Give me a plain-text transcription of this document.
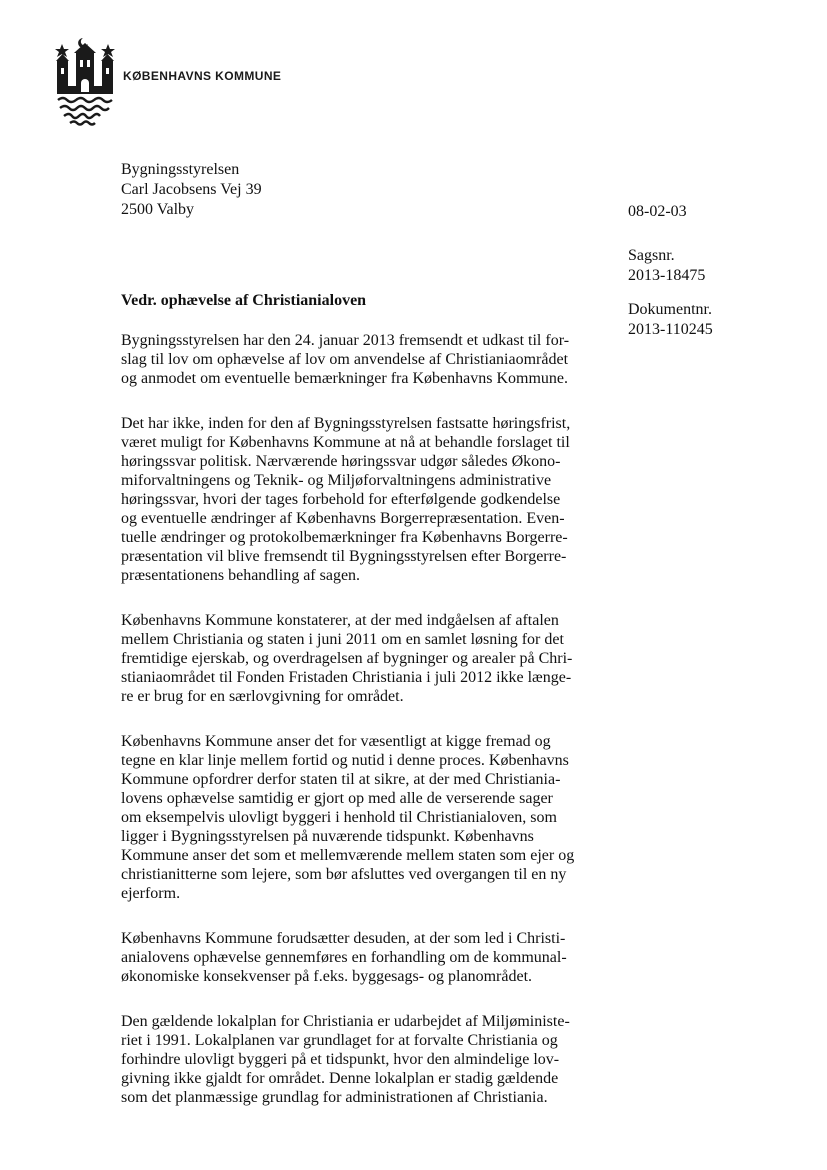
KØBENHAVNS KOMMUNE
Bygningsstyrelsen
Carl Jacobsens Vej 39
2500 Valby	08-02-03
Sagsnr.
2013-18475
Dokumentnr.
2013-110245
Vedr. ophævelse af Christianialoven
Bygningsstyrelsen har den 24. januar 2013 fremsendt et udkast til for-
slag til lov om ophævelse af lov om anvendelse af Christianiaområdet
og anmodet om eventuelle bemærkninger fra Københavns Kommune.
Det har ikke, inden for den af Bygningsstyrelsen fastsatte høringsfrist,
været muligt for Københavns Kommune at nå at behandle forslaget til
høringssvar politisk. Nærværende høringssvar udgør således Økono-
miforvaltningens og Teknik- og Miljøforvaltningens administrative
høringssvar, hvori der tages forbehold for efterfølgende godkendelse
og eventuelle ændringer af Københavns Borgerrepræsentation. Even-
tuelle ændringer og protokolbemærkninger fra Københavns Borgerre-
præsentation vil blive fremsendt til Bygningsstyrelsen efter Borgerre-
præsentationens behandling af sagen.
Københavns Kommune konstaterer, at der med indgåelsen af aftalen
mellem Christiania og staten i juni 2011 om en samlet løsning for det
fremtidige ejerskab, og overdragelsen af bygninger og arealer på Chri-
stianiaområdet til Fonden Fristaden Christiania i juli 2012 ikke længe-
re er brug for en særlovgivning for området.
Københavns Kommune anser det for væsentligt at kigge fremad og
tegne en klar linje mellem fortid og nutid i denne proces. Københavns
Kommune opfordrer derfor staten til at sikre, at der med Christiania-
lovens ophævelse samtidig er gjort op med alle de verserende sager
om eksempelvis ulovligt byggeri i henhold til Christianialoven, som
ligger i Bygningsstyrelsen på nuværende tidspunkt. Københavns
Kommune anser det som et mellemværende mellem staten som ejer og
christianitterne som lejere, som bør afsluttes ved overgangen til en ny
ejerform.
Københavns Kommune forudsætter desuden, at der som led i Christi-
anialovens ophævelse gennemføres en forhandling om de kommunal-
økonomiske konsekvenser på f.eks. byggesags- og planområdet.
Den gældende lokalplan for Christiania er udarbejdet af Miljøministe-
riet i 1991. Lokalplanen var grundlaget for at forvalte Christiania og
forhindre ulovligt byggeri på et tidspunkt, hvor den almindelige lov-
givning ikke gjaldt for området. Denne lokalplan er stadig gældende
som det planmæssige grundlag for administrationen af Christiania.
